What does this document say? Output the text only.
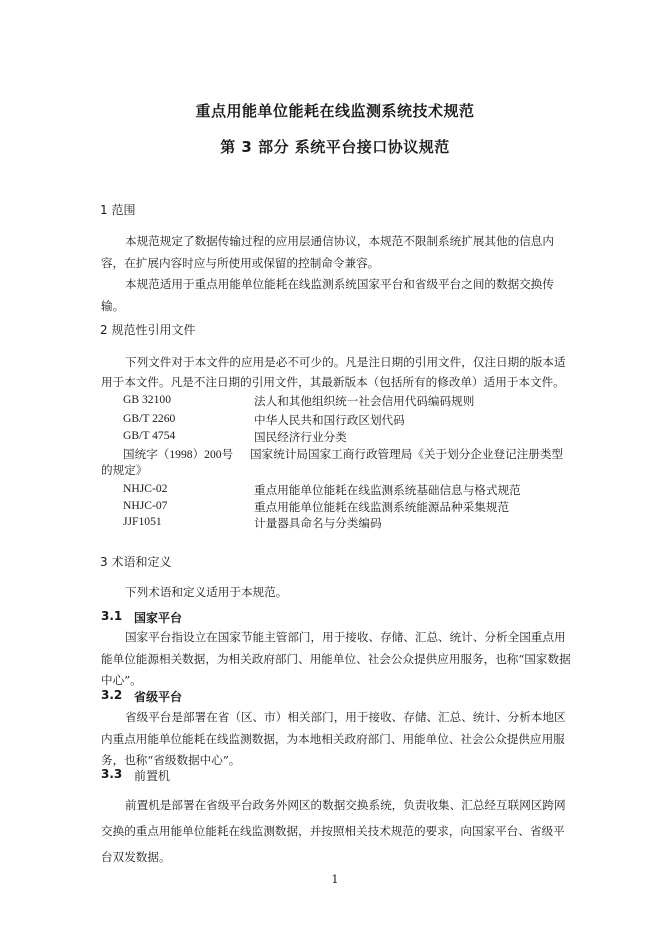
重点用能单位能耗在线监测系统技术规范
第 3 部分 系统平台接口协议规范
1 范围
本规范规定了数据传输过程的应用层通信协议，本规范不限制系统扩展其他的信息内容，在扩展内容时应与所使用或保留的控制命令兼容。
本规范适用于重点用能单位能耗在线监测系统国家平台和省级平台之间的数据交换传输。
2 规范性引用文件
下列文件对于本文件的应用是必不可少的。凡是注日期的引用文件，仅注日期的版本适用于本文件。凡是不注日期的引用文件，其最新版本（包括所有的修改单）适用于本文件。
GB 32100	法人和其他组织统一社会信用代码编码规则
GB/T 2260	中华人民共和国行政区划代码
GB/T 4754	国民经济行业分类
国统字（1998）200号 国家统计局国家工商行政管理局《关于划分企业登记注册类型
的规定》
NHJC-02	重点用能单位能耗在线监测系统基础信息与格式规范
NHJC-07	重点用能单位能耗在线监测系统能源品种采集规范
JJF1051	计量器具命名与分类编码
3 术语和定义
下列术语和定义适用于本规范。
3.1 国家平台
国家平台指设立在国家节能主管部门，用于接收、存储、汇总、统计、分析全国重点用能单位能源相关数据，为相关政府部门、用能单位、社会公众提供应用服务，也称“国家数据中心”。
3.2 省级平台
省级平台是部署在省（区、市）相关部门，用于接收、存储、汇总、统计、分析本地区内重点用能单位能耗在线监测数据，为本地相关政府部门、用能单位、社会公众提供应用服务，也称“省级数据中心”。
3.3 前置机
前置机是部署在省级平台政务外网区的数据交换系统，负责收集、汇总经互联网区跨网交换的重点用能单位能耗在线监测数据，并按照相关技术规范的要求，向国家平台、省级平台双发数据。
1
